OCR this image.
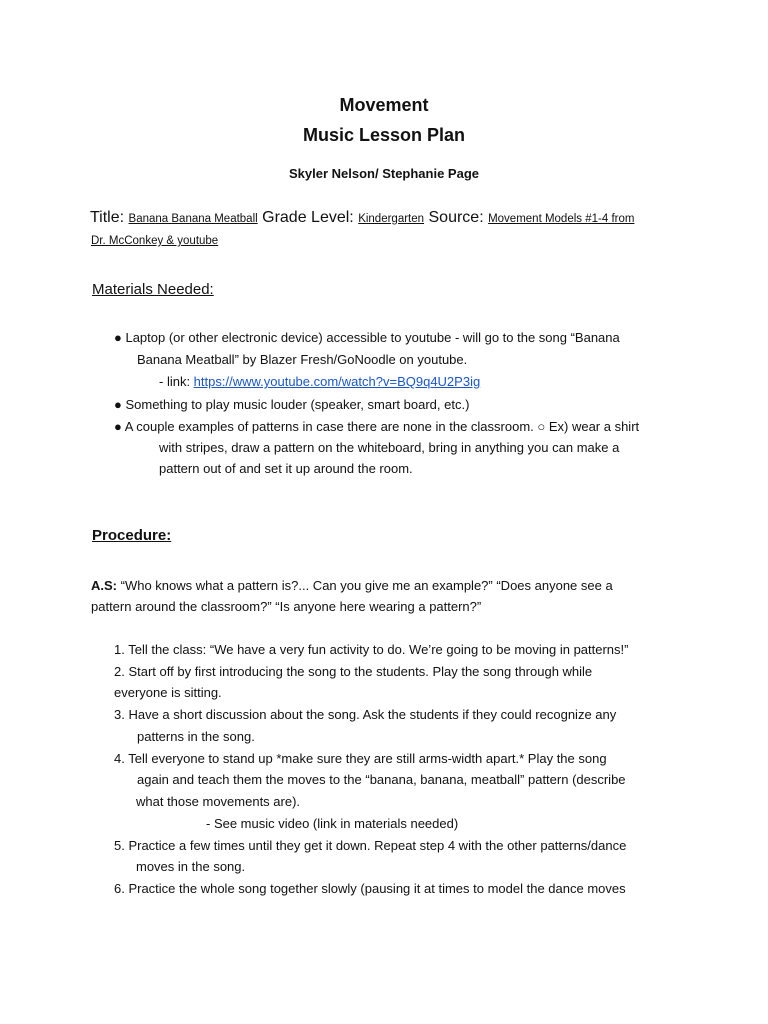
Movement
Music Lesson Plan
Skyler Nelson/ Stephanie Page
Title: Banana Banana Meatball Grade Level: Kindergarten Source: Movement Models #1-4 from
Dr. McConkey & youtube
Materials Needed:
● Laptop (or other electronic device) accessible to youtube - will go to the song “Banana
Banana Meatball” by Blazer Fresh/GoNoodle on youtube.
- link: https://www.youtube.com/watch?v=BQ9q4U2P3ig
● Something to play music louder (speaker, smart board, etc.)
● A couple examples of patterns in case there are none in the classroom. ○ Ex) wear a shirt
with stripes, draw a pattern on the whiteboard, bring in anything you can make a
pattern out of and set it up around the room.
Procedure:
A.S: “Who knows what a pattern is?... Can you give me an example?” “Does anyone see a
pattern around the classroom?” “Is anyone here wearing a pattern?”
1. Tell the class: “We have a very fun activity to do. We’re going to be moving in patterns!”
2. Start off by first introducing the song to the students. Play the song through while
everyone is sitting.
3. Have a short discussion about the song. Ask the students if they could recognize any
patterns in the song.
4. Tell everyone to stand up *make sure they are still arms-width apart.* Play the song
again and teach them the moves to the “banana, banana, meatball” pattern (describe
what those movements are).
- See music video (link in materials needed)
5. Practice a few times until they get it down. Repeat step 4 with the other patterns/dance
moves in the song.
6. Practice the whole song together slowly (pausing it at times to model the dance moves
